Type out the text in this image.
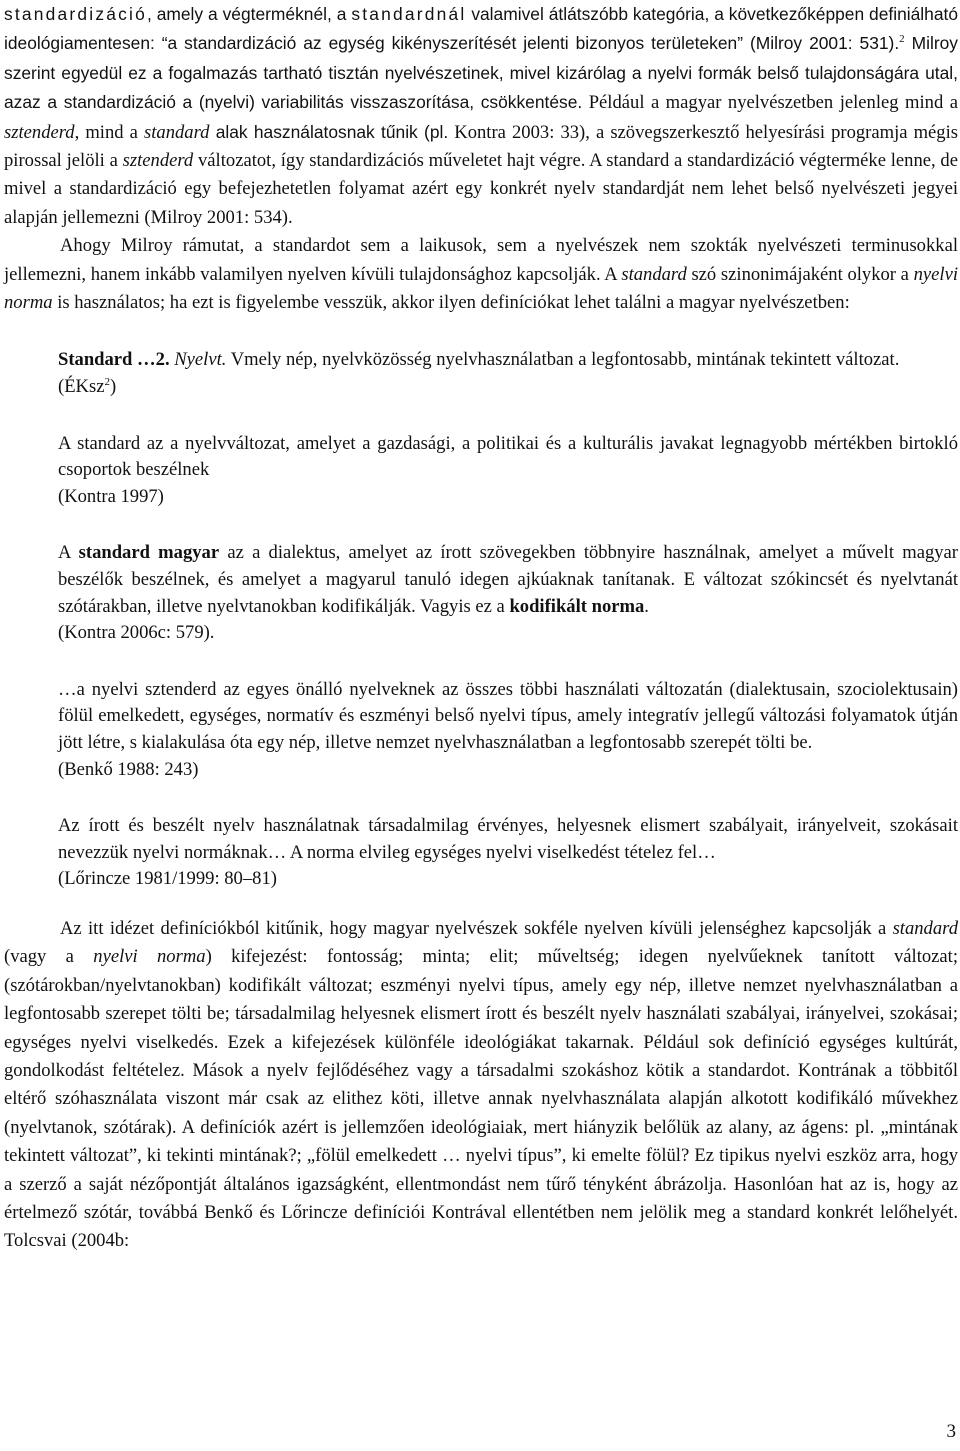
standardizáció, amely a végterméknél, a standardnál valamivel átlátszóbb kategória, a következőképpen definiálható ideológiamentesen: “a standardizáció az egység kikényszerítését jelenti bizonyos területeken” (Milroy 2001: 531).$^2$ Milroy szerint egyedül ez a fogalmazás tartható tisztán nyelvészetinek, mivel kizárólag a nyelvi formák belső tulajdonságára utal, azaz a standardizáció a (nyelvi) variabilitás visszaszorítása, csökkentése. Például a magyar nyelvészetben jelenleg mind a sztenderd, mind a standard alak használatosnak tűnik (pl. Kontra 2003: 33), a szövegszerkesztő helyesírási programja mégis pirossal jelöli a sztenderd változatot, így standardizációs műveletet hajt végre. A standard a standardizáció végterméke lenne, de mivel a standardizáció egy befejezhetetlen folyamat azért egy konkrét nyelv standardját nem lehet belső nyelvészeti jegyei alapján jellemezni (Milroy 2001: 534).

Ahogy Milroy rámutat, a standardot sem a laikusok, sem a nyelvészek nem szokták nyelvészeti terminusokkal jellemezni, hanem inkább valamilyen nyelven kívüli tulajdonsághoz kapcsolják. A standard szó szinonimájaként olykor a nyelvi norma is használatos; ha ezt is figyelembe vesszük, akkor ilyen definíciókat lehet találni a magyar nyelvészetben:

Standard …2. Nyelvt. Vmely nép, nyelvközösség nyelvhasználatban a legfontosabb, mintának tekintett változat.
(ÉKsz$^2$)
A standard az a nyelvváltozat, amelyet a gazdasági, a politikai és a kulturális javakat legnagyobb mértékben birtokló csoportok beszélnek
(Kontra 1997)
A standard magyar az a dialektus, amelyet az írott szövegekben többnyire használnak, amelyet a művelt magyar beszélők beszélnek, és amelyet a magyarul tanuló idegen ajkúaknak tanítanak. E változat szókincsét és nyelvtanát szótárakban, illetve nyelvtanokban kodifikálják. Vagyis ez a kodifikált norma.
(Kontra 2006c: 579).
…a nyelvi sztenderd az egyes önálló nyelveknek az összes többi használati változatán (dialektusain, szociolektusain) fölül emelkedett, egységes, normatív és eszményi belső nyelvi típus, amely integratív jellegű változási folyamatok útján jött létre, s kialakulása óta egy nép, illetve nemzet nyelvhasználatban a legfontosabb szerepét tölti be.
(Benkő 1988: 243)
Az írott és beszélt nyelv használatnak társadalmilag érvényes, helyesnek elismert szabályait, irányelveit, szokásait nevezzük nyelvi normáknak… A norma elvileg egységes nyelvi viselkedést tételez fel…
(Lőrincze 1981/1999: 80–81)

Az itt idézet definíciókból kitűnik, hogy magyar nyelvészek sokféle nyelven kívüli jelenséghez kapcsolják a standard (vagy a nyelvi norma) kifejezést: fontosság; minta; elit; műveltség; idegen nyelvűeknek tanított változat; (szótárokban/nyelvtanokban) kodifikált változat; eszményi nyelvi típus, amely egy nép, illetve nemzet nyelvhasználatban a legfontosabb szerepet tölti be; társadalmilag helyesnek elismert írott és beszélt nyelv használati szabályai, irányelvei, szokásai; egységes nyelvi viselkedés. Ezek a kifejezések különféle ideológiákat takarnak. Például sok definíció egységes kultúrát, gondolkodást feltételez. Mások a nyelv fejlődéséhez vagy a társadalmi szokáshoz kötik a standardot. Kontrának a többitől eltérő szóhasználata viszont már csak az elithez köti, illetve annak nyelvhasználata alapján alkotott kodifikáló művekhez (nyelvtanok, szótárak). A definíciók azért is jellemzően ideológiaiak, mert hiányzik belőlük az alany, az ágens: pl. „mintának tekintett változat”, ki tekinti mintának?; „fölül emelkedett … nyelvi típus”, ki emelte fölül? Ez tipikus nyelvi eszköz arra, hogy a szerző a saját nézőpontját általános igazságként, ellentmondást nem tűrő tényként ábrázolja. Hasonlóan hat az is, hogy az értelmező szótár, továbbá Benkő és Lőrincze definíciói Kontrával ellentétben nem jelölik meg a standard konkrét lelőhelyét. Tolcsvai (2004b:

3
